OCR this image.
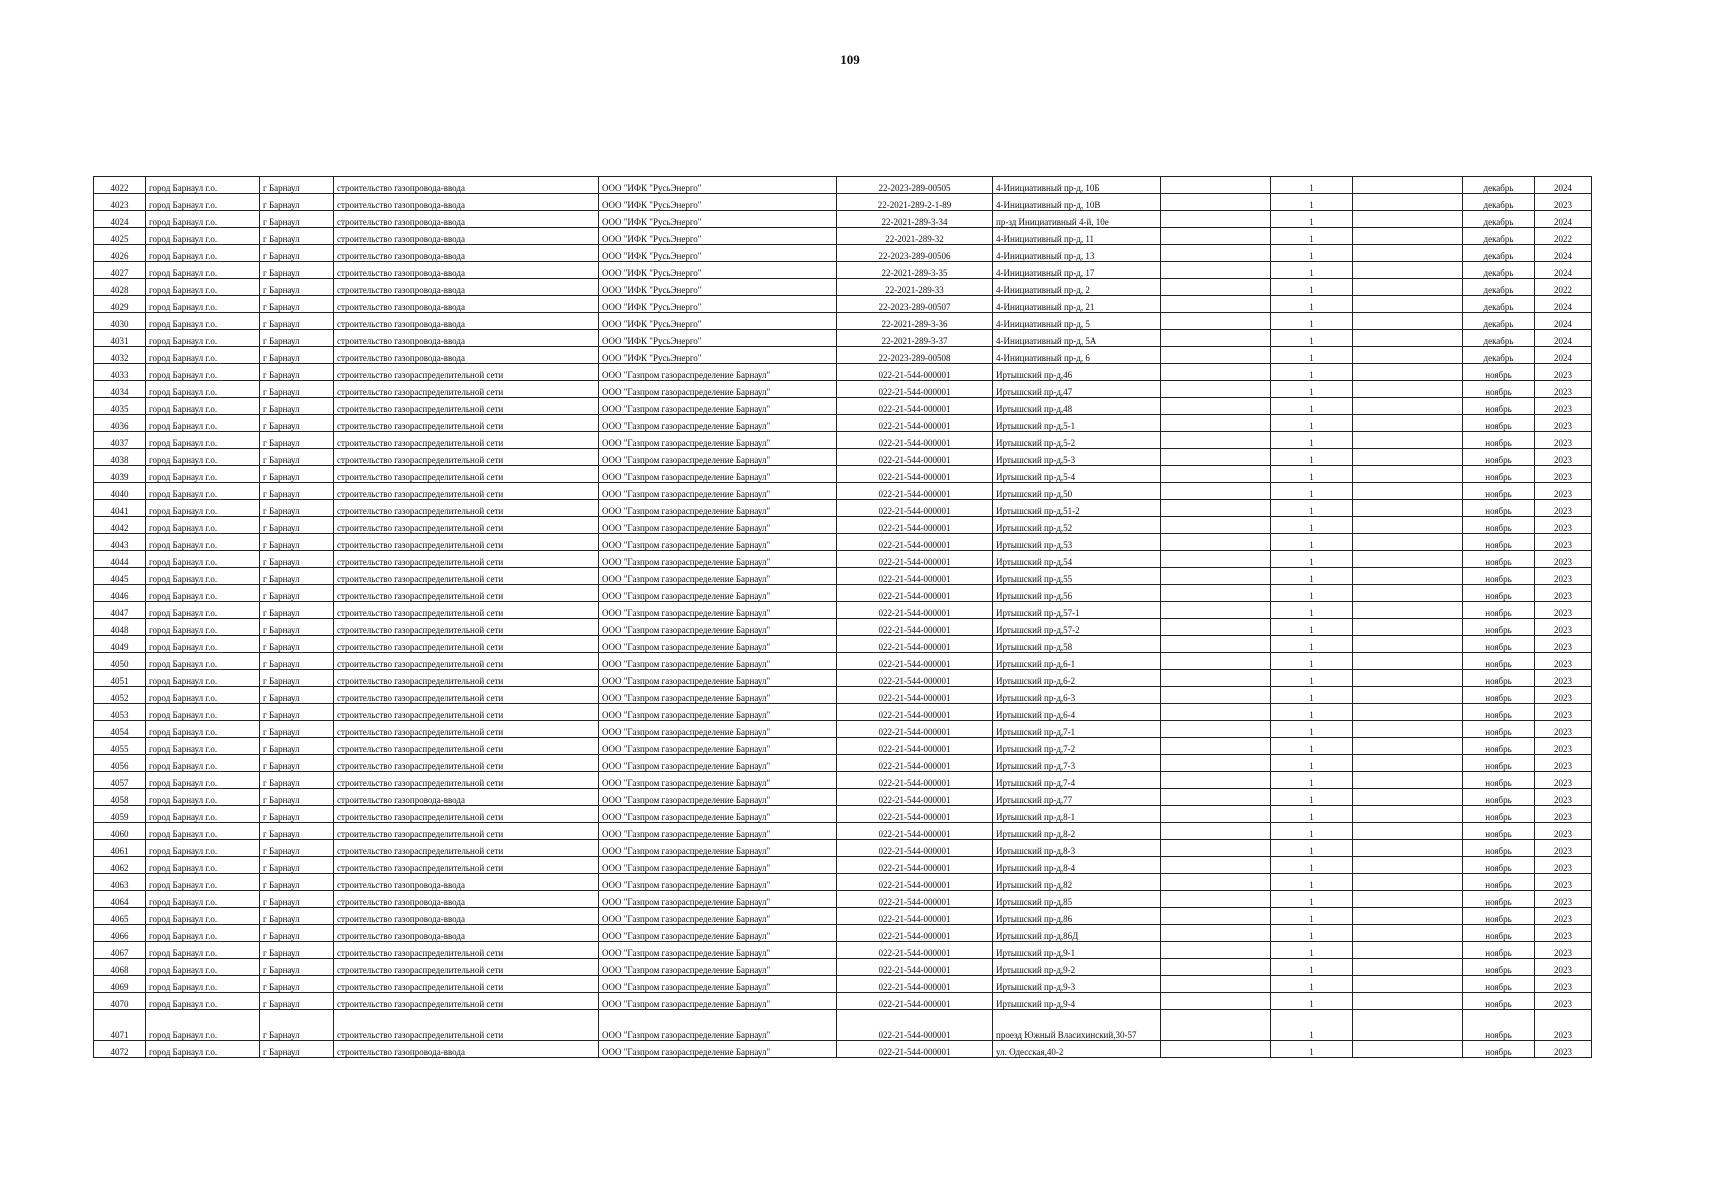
109
4022	город Барнаул г.о.	г Барнаул	строительство газопровода-ввода	ООО "ИФК "РусьЭнерго"	22-2023-289-00505	4-Инициативный пр-д, 10Б		1		декабрь	2024
4023	город Барнаул г.о.	г Барнаул	строительство газопровода-ввода	ООО "ИФК "РусьЭнерго"	22-2021-289-2-1-89	4-Инициативный пр-д, 10В		1		декабрь	2023
4024	город Барнаул г.о.	г Барнаул	строительство газопровода-ввода	ООО "ИФК "РусьЭнерго"	22-2021-289-3-34	пр-зд Инициативный 4-й, 10е		1		декабрь	2024
4025	город Барнаул г.о.	г Барнаул	строительство газопровода-ввода	ООО "ИФК "РусьЭнерго"	22-2021-289-32	4-Инициативный пр-д, 11		1		декабрь	2022
4026	город Барнаул г.о.	г Барнаул	строительство газопровода-ввода	ООО "ИФК "РусьЭнерго"	22-2023-289-00506	4-Инициативный пр-д, 13		1		декабрь	2024
4027	город Барнаул г.о.	г Барнаул	строительство газопровода-ввода	ООО "ИФК "РусьЭнерго"	22-2021-289-3-35	4-Инициативный пр-д, 17		1		декабрь	2024
4028	город Барнаул г.о.	г Барнаул	строительство газопровода-ввода	ООО "ИФК "РусьЭнерго"	22-2021-289-33	4-Инициативный пр-д, 2		1		декабрь	2022
4029	город Барнаул г.о.	г Барнаул	строительство газопровода-ввода	ООО "ИФК "РусьЭнерго"	22-2023-289-00507	4-Инициативный пр-д, 21		1		декабрь	2024
4030	город Барнаул г.о.	г Барнаул	строительство газопровода-ввода	ООО "ИФК "РусьЭнерго"	22-2021-289-3-36	4-Инициативный пр-д, 5		1		декабрь	2024
4031	город Барнаул г.о.	г Барнаул	строительство газопровода-ввода	ООО "ИФК "РусьЭнерго"	22-2021-289-3-37	4-Инициативный пр-д, 5А		1		декабрь	2024
4032	город Барнаул г.о.	г Барнаул	строительство газопровода-ввода	ООО "ИФК "РусьЭнерго"	22-2023-289-00508	4-Инициативный пр-д, 6		1		декабрь	2024
4033	город Барнаул г.о.	г Барнаул	строительство газораспределительной сети	ООО "Газпром газораспределение Барнаул"	022-21-544-000001	Иртышский пр-д,46		1		ноябрь	2023
4034	город Барнаул г.о.	г Барнаул	строительство газораспределительной сети	ООО "Газпром газораспределение Барнаул"	022-21-544-000001	Иртышский пр-д,47		1		ноябрь	2023
4035	город Барнаул г.о.	г Барнаул	строительство газораспределительной сети	ООО "Газпром газораспределение Барнаул"	022-21-544-000001	Иртышский пр-д,48		1		ноябрь	2023
4036	город Барнаул г.о.	г Барнаул	строительство газораспределительной сети	ООО "Газпром газораспределение Барнаул"	022-21-544-000001	Иртышский пр-д,5-1		1		ноябрь	2023
4037	город Барнаул г.о.	г Барнаул	строительство газораспределительной сети	ООО "Газпром газораспределение Барнаул"	022-21-544-000001	Иртышский пр-д,5-2		1		ноябрь	2023
4038	город Барнаул г.о.	г Барнаул	строительство газораспределительной сети	ООО "Газпром газораспределение Барнаул"	022-21-544-000001	Иртышский пр-д,5-3		1		ноябрь	2023
4039	город Барнаул г.о.	г Барнаул	строительство газораспределительной сети	ООО "Газпром газораспределение Барнаул"	022-21-544-000001	Иртышский пр-д,5-4		1		ноябрь	2023
4040	город Барнаул г.о.	г Барнаул	строительство газораспределительной сети	ООО "Газпром газораспределение Барнаул"	022-21-544-000001	Иртышский пр-д,50		1		ноябрь	2023
4041	город Барнаул г.о.	г Барнаул	строительство газораспределительной сети	ООО "Газпром газораспределение Барнаул"	022-21-544-000001	Иртышский пр-д,51-2		1		ноябрь	2023
4042	город Барнаул г.о.	г Барнаул	строительство газораспределительной сети	ООО "Газпром газораспределение Барнаул"	022-21-544-000001	Иртышский пр-д,52		1		ноябрь	2023
4043	город Барнаул г.о.	г Барнаул	строительство газораспределительной сети	ООО "Газпром газораспределение Барнаул"	022-21-544-000001	Иртышский пр-д,53		1		ноябрь	2023
4044	город Барнаул г.о.	г Барнаул	строительство газораспределительной сети	ООО "Газпром газораспределение Барнаул"	022-21-544-000001	Иртышский пр-д,54		1		ноябрь	2023
4045	город Барнаул г.о.	г Барнаул	строительство газораспределительной сети	ООО "Газпром газораспределение Барнаул"	022-21-544-000001	Иртышский пр-д,55		1		ноябрь	2023
4046	город Барнаул г.о.	г Барнаул	строительство газораспределительной сети	ООО "Газпром газораспределение Барнаул"	022-21-544-000001	Иртышский пр-д,56		1		ноябрь	2023
4047	город Барнаул г.о.	г Барнаул	строительство газораспределительной сети	ООО "Газпром газораспределение Барнаул"	022-21-544-000001	Иртышский пр-д,57-1		1		ноябрь	2023
4048	город Барнаул г.о.	г Барнаул	строительство газораспределительной сети	ООО "Газпром газораспределение Барнаул"	022-21-544-000001	Иртышский пр-д,57-2		1		ноябрь	2023
4049	город Барнаул г.о.	г Барнаул	строительство газораспределительной сети	ООО "Газпром газораспределение Барнаул"	022-21-544-000001	Иртышский пр-д,58		1		ноябрь	2023
4050	город Барнаул г.о.	г Барнаул	строительство газораспределительной сети	ООО "Газпром газораспределение Барнаул"	022-21-544-000001	Иртышский пр-д,6-1		1		ноябрь	2023
4051	город Барнаул г.о.	г Барнаул	строительство газораспределительной сети	ООО "Газпром газораспределение Барнаул"	022-21-544-000001	Иртышский пр-д,6-2		1		ноябрь	2023
4052	город Барнаул г.о.	г Барнаул	строительство газораспределительной сети	ООО "Газпром газораспределение Барнаул"	022-21-544-000001	Иртышский пр-д,6-3		1		ноябрь	2023
4053	город Барнаул г.о.	г Барнаул	строительство газораспределительной сети	ООО "Газпром газораспределение Барнаул"	022-21-544-000001	Иртышский пр-д,6-4		1		ноябрь	2023
4054	город Барнаул г.о.	г Барнаул	строительство газораспределительной сети	ООО "Газпром газораспределение Барнаул"	022-21-544-000001	Иртышский пр-д,7-1		1		ноябрь	2023
4055	город Барнаул г.о.	г Барнаул	строительство газораспределительной сети	ООО "Газпром газораспределение Барнаул"	022-21-544-000001	Иртышский пр-д,7-2		1		ноябрь	2023
4056	город Барнаул г.о.	г Барнаул	строительство газораспределительной сети	ООО "Газпром газораспределение Барнаул"	022-21-544-000001	Иртышский пр-д,7-3		1		ноябрь	2023
4057	город Барнаул г.о.	г Барнаул	строительство газораспределительной сети	ООО "Газпром газораспределение Барнаул"	022-21-544-000001	Иртышский пр-д,7-4		1		ноябрь	2023
4058	город Барнаул г.о.	г Барнаул	строительство газопровода-ввода	ООО "Газпром газораспределение Барнаул"	022-21-544-000001	Иртышский пр-д,77		1		ноябрь	2023
4059	город Барнаул г.о.	г Барнаул	строительство газораспределительной сети	ООО "Газпром газораспределение Барнаул"	022-21-544-000001	Иртышский пр-д,8-1		1		ноябрь	2023
4060	город Барнаул г.о.	г Барнаул	строительство газораспределительной сети	ООО "Газпром газораспределение Барнаул"	022-21-544-000001	Иртышский пр-д,8-2		1		ноябрь	2023
4061	город Барнаул г.о.	г Барнаул	строительство газораспределительной сети	ООО "Газпром газораспределение Барнаул"	022-21-544-000001	Иртышский пр-д,8-3		1		ноябрь	2023
4062	город Барнаул г.о.	г Барнаул	строительство газораспределительной сети	ООО "Газпром газораспределение Барнаул"	022-21-544-000001	Иртышский пр-д,8-4		1		ноябрь	2023
4063	город Барнаул г.о.	г Барнаул	строительство газопровода-ввода	ООО "Газпром газораспределение Барнаул"	022-21-544-000001	Иртышский пр-д,82		1		ноябрь	2023
4064	город Барнаул г.о.	г Барнаул	строительство газопровода-ввода	ООО "Газпром газораспределение Барнаул"	022-21-544-000001	Иртышский пр-д,85		1		ноябрь	2023
4065	город Барнаул г.о.	г Барнаул	строительство газопровода-ввода	ООО "Газпром газораспределение Барнаул"	022-21-544-000001	Иртышский пр-д,86		1		ноябрь	2023
4066	город Барнаул г.о.	г Барнаул	строительство газопровода-ввода	ООО "Газпром газораспределение Барнаул"	022-21-544-000001	Иртышский пр-д,86Д		1		ноябрь	2023
4067	город Барнаул г.о.	г Барнаул	строительство газораспределительной сети	ООО "Газпром газораспределение Барнаул"	022-21-544-000001	Иртышский пр-д,9-1		1		ноябрь	2023
4068	город Барнаул г.о.	г Барнаул	строительство газораспределительной сети	ООО "Газпром газораспределение Барнаул"	022-21-544-000001	Иртышский пр-д,9-2		1		ноябрь	2023
4069	город Барнаул г.о.	г Барнаул	строительство газораспределительной сети	ООО "Газпром газораспределение Барнаул"	022-21-544-000001	Иртышский пр-д,9-3		1		ноябрь	2023
4070	город Барнаул г.о.	г Барнаул	строительство газораспределительной сети	ООО "Газпром газораспределение Барнаул"	022-21-544-000001	Иртышский пр-д,9-4		1		ноябрь	2023
4071	город Барнаул г.о.	г Барнаул	строительство газораспределительной сети	ООО "Газпром газораспределение Барнаул"	022-21-544-000001	проезд Южный Власихинский,30-57		1		ноябрь	2023
4072	город Барнаул г.о.	г Барнаул	строительство газопровода-ввода	ООО "Газпром газораспределение Барнаул"	022-21-544-000001	ул. Одесская,40-2		1		ноябрь	2023
